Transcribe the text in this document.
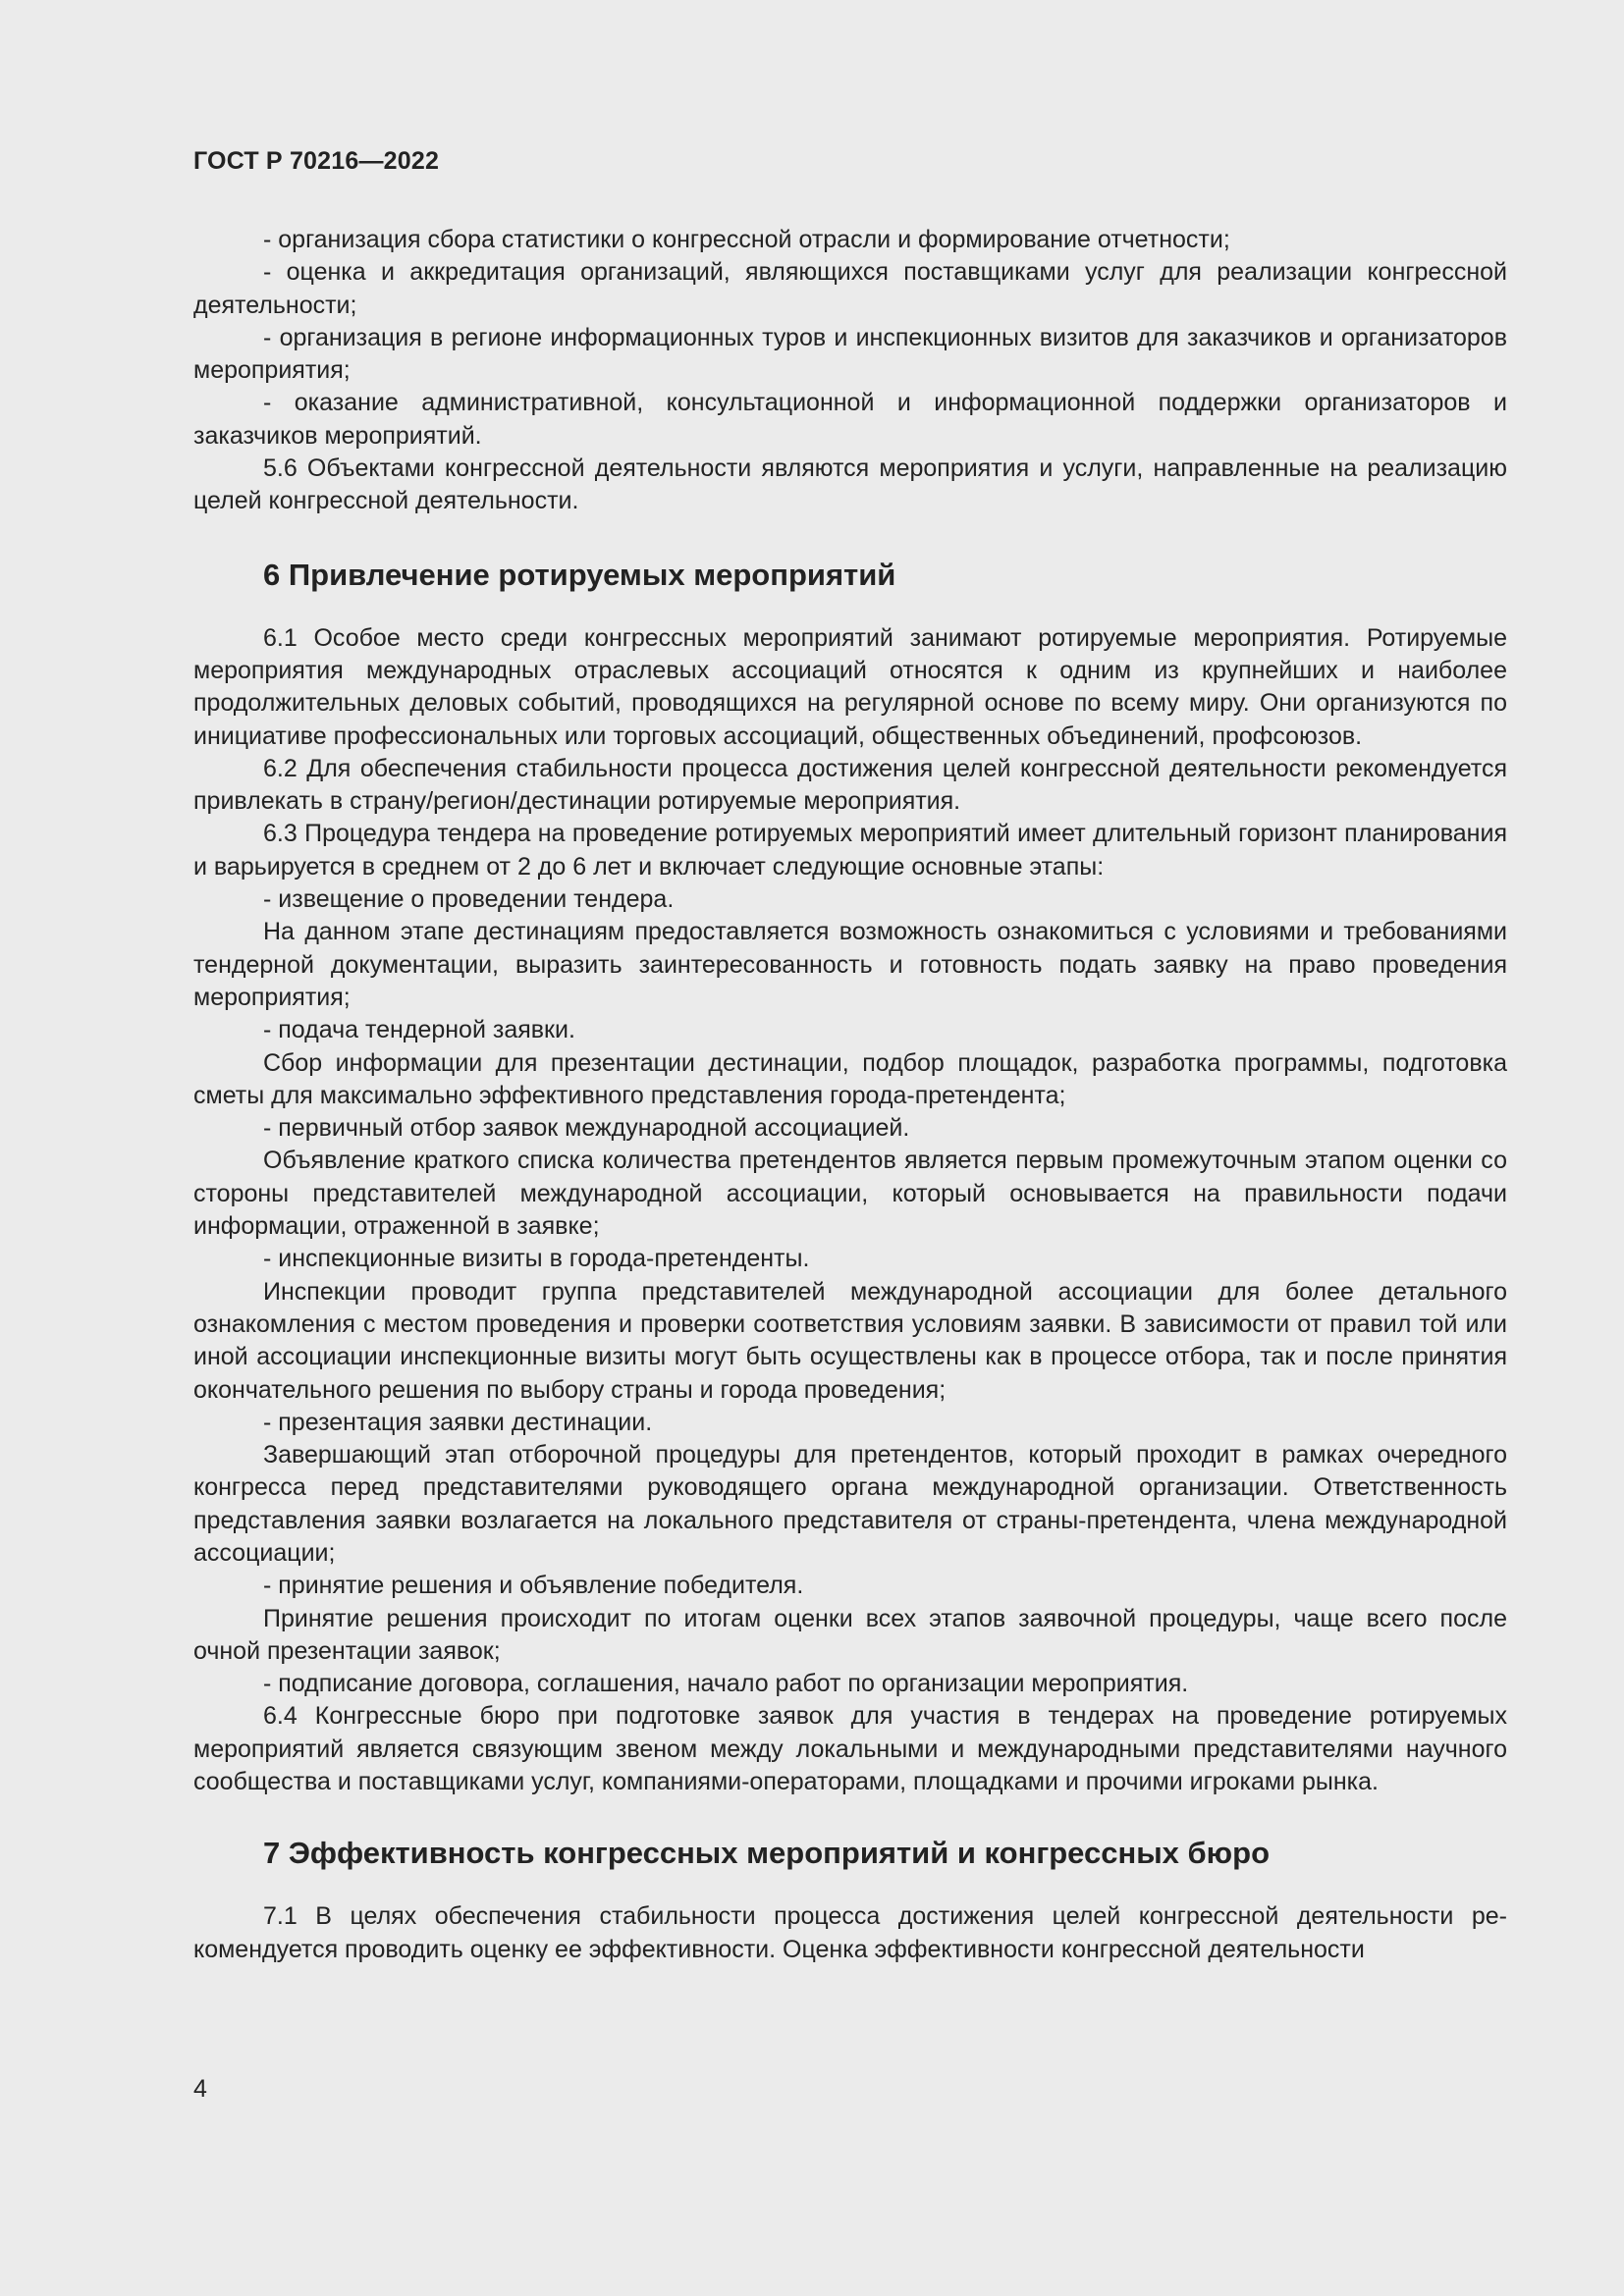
ГОСТ Р 70216—2022

- организация сбора статистики о конгрессной отрасли и формирование отчетности;

- оценка и аккредитация организаций, являющихся поставщиками услуг для реализации конгрессной деятельности;

- организация в регионе информационных туров и инспекционных визитов для заказчиков и организаторов мероприятия;

- оказание административной, консультационной и информационной поддержки организаторов и заказчиков мероприятий.

5.6 Объектами конгрессной деятельности являются мероприятия и услуги, направленные на реализацию целей конгрессной деятельности.

6 Привлечение ротируемых мероприятий

6.1 Особое место среди конгрессных мероприятий занимают ротируемые мероприятия. Ротируемые мероприятия международных отраслевых ассоциаций относятся к одним из крупнейших и наиболее продолжительных деловых событий, проводящихся на регулярной основе по всему миру. Они организуются по инициативе профессиональных или торговых ассоциаций, общественных объединений, профсоюзов.

6.2 Для обеспечения стабильности процесса достижения целей конгрессной деятельности рекомендуется привлекать в страну/регион/дестинации ротируемые мероприятия.

6.3 Процедура тендера на проведение ротируемых мероприятий имеет длительный горизонт планирования и варьируется в среднем от 2 до 6 лет и включает следующие основные этапы:

- извещение о проведении тендера.

На данном этапе дестинациям предоставляется возможность ознакомиться с условиями и требованиями тендерной документации, выразить заинтересованность и готовность подать заявку на право проведения мероприятия;

- подача тендерной заявки.

Сбор информации для презентации дестинации, подбор площадок, разработка программы, подготовка сметы для максимально эффективного представления города-претендента;

- первичный отбор заявок международной ассоциацией.

Объявление краткого списка количества претендентов является первым промежуточным этапом оценки со стороны представителей международной ассоциации, который основывается на правильности подачи информации, отраженной в заявке;

- инспекционные визиты в города-претенденты.

Инспекции проводит группа представителей международной ассоциации для более детального ознакомления с местом проведения и проверки соответствия условиям заявки. В зависимости от правил той или иной ассоциации инспекционные визиты могут быть осуществлены как в процессе отбора, так и после принятия окончательного решения по выбору страны и города проведения;

- презентация заявки дестинации.

Завершающий этап отборочной процедуры для претендентов, который проходит в рамках очередного конгресса перед представителями руководящего органа международной организации. Ответственность представления заявки возлагается на локального представителя от страны-претендента, члена международной ассоциации;

- принятие решения и объявление победителя.

Принятие решения происходит по итогам оценки всех этапов заявочной процедуры, чаще всего после очной презентации заявок;

- подписание договора, соглашения, начало работ по организации мероприятия.

6.4 Конгрессные бюро при подготовке заявок для участия в тендерах на проведение ротируемых мероприятий является связующим звеном между локальными и международными представителями научного сообщества и поставщиками услуг, компаниями-операторами, площадками и прочими игроками рынка.

7 Эффективность конгрессных мероприятий и конгрессных бюро

7.1 В целях обеспечения стабильности процесса достижения целей конгрессной деятельности рекомендуется проводить оценку ее эффективности. Оценка эффективности конгрессной деятельности

4
